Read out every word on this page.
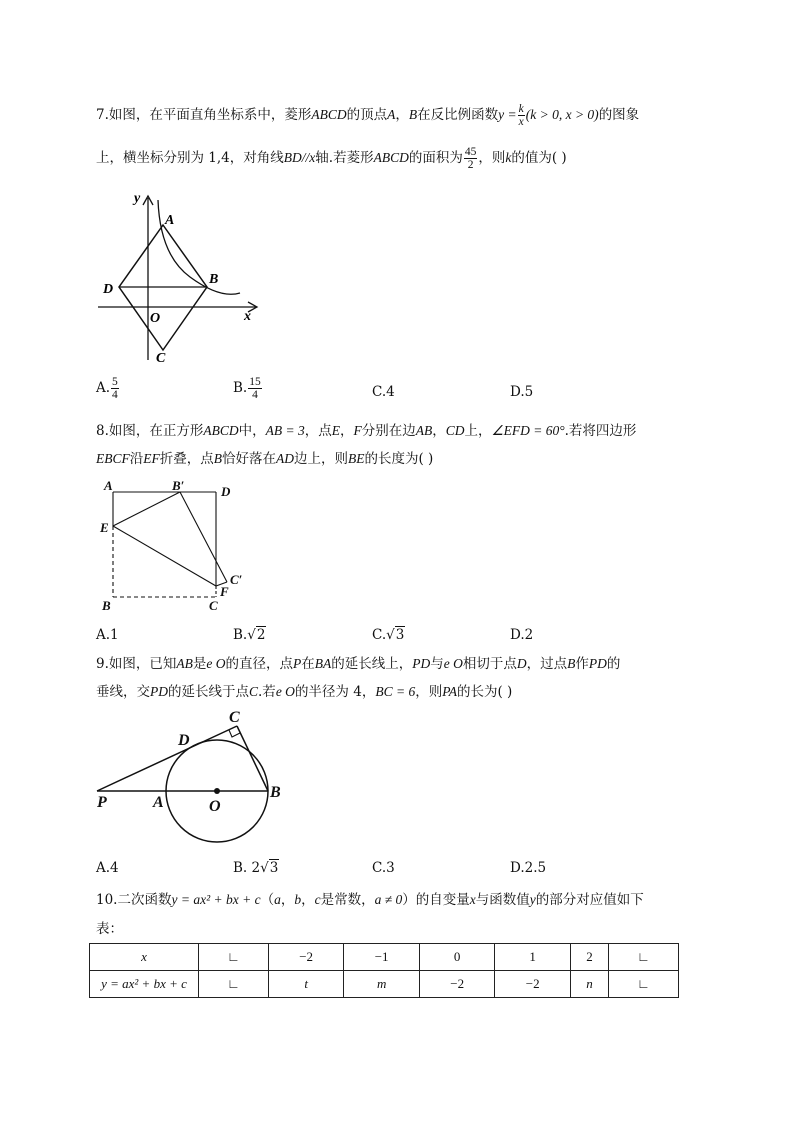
7.如图，在平面直角坐标系中，菱形ABCD的顶点A，B在反比例函数$y = \frac{k}{x} (k > 0$, x > 0)的图象
上，横坐标分别为 1,4，对角线BD//x轴.若菱形ABCD的面积为 $\frac{45}{2}$ ，则k的值为( )
y
x
A
B
C
D
O
A. $\frac{5}{4}$	B. $\frac{15}{4}$	C.4	D.5
8.如图，在正方形ABCD中，AB = 3，点E，F分别在边AB，CD上，∠EFD = 60°.若将四边形
EBCF沿EF折叠，点B恰好落在AD边上，则BE的长度为( )
A	B′	D
E
C′
F
B	C
A.1	B.√2	C.√3	D.2
9.如图，已知AB是e O的直径，点P在BA的延长线上，PD与e O相切于点D，过点B作PD的
垂线，交PD的延长线于点C.若e O的半径为 4，BC = 6，则PA的长为( )
C
D
P	A	O
B
A.4	B. 2√3	C.3	D.2.5
10.二次函数y = ax² + bx + c（a，b，c是常数，a ≠ 0）的自变量x与函数值y的部分对应值如下
表：
x	∟	−2	−1	0	1	2	∟
y = ax² + bx + c	∟	t	m	−2	−2	n	∟
